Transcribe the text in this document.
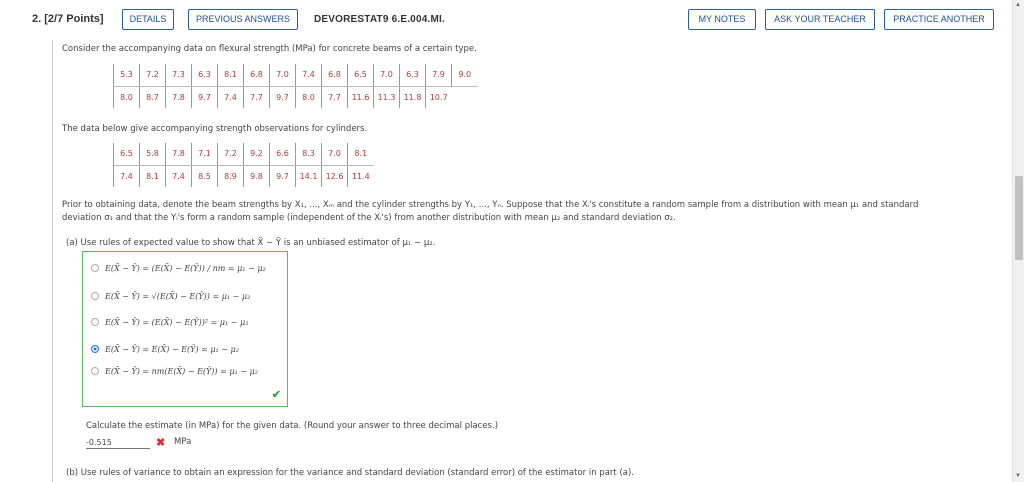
2. [2/7 Points]	DETAILS	PREVIOUS ANSWERS	DEVORESTAT9 6.E.004.MI.	MY NOTES	ASK YOUR TEACHER	PRACTICE ANOTHER
Consider the accompanying data on flexural strength (MPa) for concrete beams of a certain type.
5.3	7.2	7.3	6.3	8.1	6.8	7.0	7.4	6.8	6.5	7.0	6.3	7.9	9.0
8.0	8.7	7.8	9.7	7.4	7.7	9.7	8.0	7.7	11.6	11.3	11.8	10.7	
The data below give accompanying strength observations for cylinders.
6.5	5.8	7.8	7.1	7.2	9.2	6.6	8.3	7.0	8.1
7.4	8.1	7.4	8.5	8.9	9.8	9.7	14.1	12.6	11.4
Prior to obtaining data, denote the beam strengths by X₁, ..., Xₘ and the cylinder strengths by Y₁, ..., Yₙ. Suppose that the Xᵢ's constitute a random sample from a distribution with mean μ₁ and standard
deviation σ₁ and that the Yᵢ's form a random sample (independent of the Xᵢ's) from another distribution with mean μ₂ and standard deviation σ₂.
(a) Use rules of expected value to show that X̄ − Ȳ is an unbiased estimator of μ₁ − μ₂.
E(X̄ − Ȳ) = (E(X̄) − E(Ȳ)) / nm = μ₁ − μ₂
E(X̄ − Ȳ) = √(E(X̄) − E(Ȳ)) = μ₁ − μ₂
E(X̄ − Ȳ) = (E(X̄) − E(Ȳ))² = μ₁ − μ₂
E(X̄ − Ȳ) = E(X̄) − E(Ȳ) = μ₁ − μ₂
E(X̄ − Ȳ) = nm(E(X̄) − E(Ȳ)) = μ₁ − μ₂
✔
Calculate the estimate (in MPa) for the given data. (Round your answer to three decimal places.)
-0.515
✖ MPa
(b) Use rules of variance to obtain an expression for the variance and standard deviation (standard error) of the estimator in part (a).
▲
▼
